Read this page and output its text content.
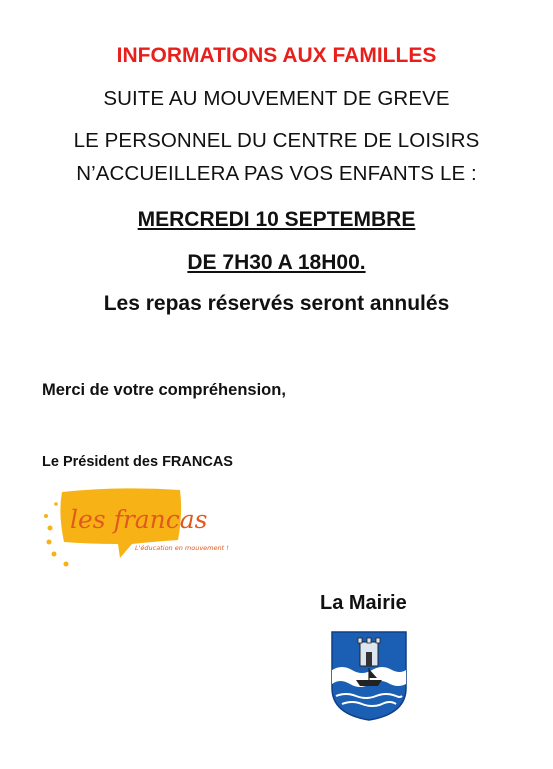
INFORMATIONS AUX FAMILLES
SUITE AU MOUVEMENT DE GREVE
LE PERSONNEL DU CENTRE DE LOISIRS
N’ACCUEILLERA PAS VOS ENFANTS LE :
MERCREDI 10 SEPTEMBRE
DE 7H30 A 18H00.
Les repas réservés seront annulés
Merci de votre compréhension,
Le Président des FRANCAS
les francas
L'éducation en mouvement !
La Mairie
